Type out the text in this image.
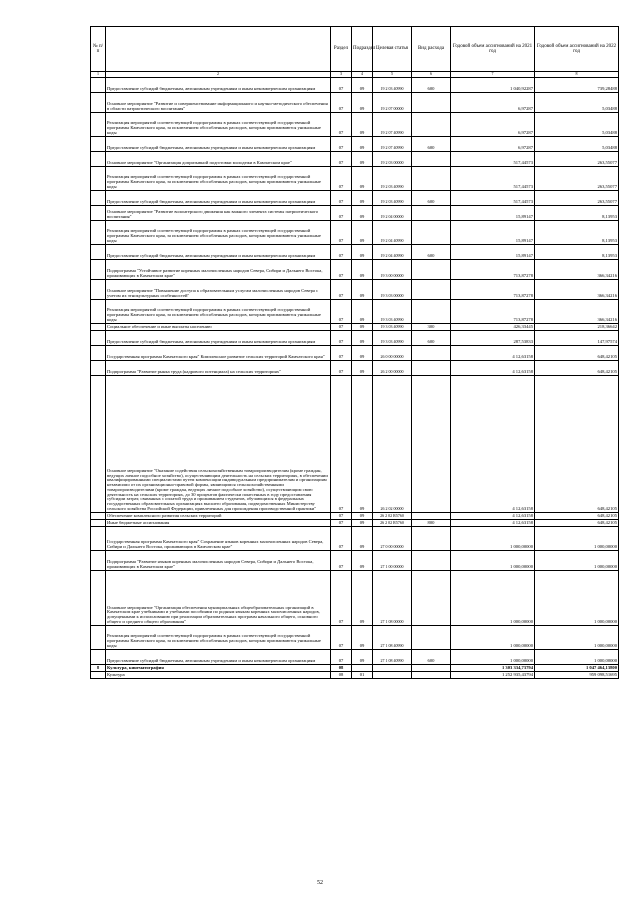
№ п/п		Раздел	Подраздел	Целевая статья	Вид расхода	Годовой объем ассигнований на 2021 год	Годовой объем ассигнований на 2022 год
1	2	3	4	5	6	7	8
	Предоставление субсидий бюджетным, автономным учреждениям и иным некоммерческим организациям	07	09	19 2 03 40990	600	1 040,92287	739,28488
	Основное мероприятие "Развитие и совершенствование информационного и научно-методического обеспечения в области патриотического воспитания"	07	09	19 2 07 00000		6,97287	5,03488
	Реализация мероприятий соответствующей подпрограммы в рамках соответствующей государственной программы Камчатского края, за исключением обособленных расходов, которым присваиваются уникальные коды	07	09	19 2 07 40990		6,97287	5,03488
	Предоставление субсидий бюджетным, автономным учреждениям и иным некоммерческим организациям	07	09	19 2 07 40990	600	6,97287	5,03488
	Основное мероприятие "Организация допризывной подготовки молодежи в Камчатском крае"	07	09	19 2 03 00000		517,44573	263,55077
	Реализация мероприятий соответствующей подпрограммы в рамках соответствующей государственной программы Камчатского края, за исключением обособленных расходов, которым присваиваются уникальные коды	07	09	19 2 03 40990		517,44573	263,55077
	Предоставление субсидий бюджетным, автономным учреждениям и иным некоммерческим организациям	07	09	19 2 03 40990	600	517,44573	263,55077
	Основное мероприятие "Развитие волонтерского движения как важного элемента системы патриотического воспитания"	07	09	19 2 04 00000		15,89147	8,13953
	Реализация мероприятий соответствующей подпрограммы в рамках соответствующей государственной программы Камчатского края, за исключением обособленных расходов, которым присваиваются уникальные коды	07	09	19 2 04 40990		15,89147	8,13953
	Предоставление субсидий бюджетным, автономным учреждениям и иным некоммерческим организациям	07	09	19 2 04 40990	600	15,89147	8,13953
	Подпрограмма "Устойчивое развитие коренных малочисленных народов Севера, Сибири и Дальнего Востока, проживающих в Камчатском крае"	07	09	19 3 00 00000		713,87278	366,34216
	Основное мероприятие "Повышение доступа к образовательным услугам малочисленных народов Севера с учетом их этнокультурных особенностей"	07	09	19 3 03 00000		713,87278	366,34216
	Реализация мероприятий соответствующей подпрограммы в рамках соответствующей государственной программы Камчатского края, за исключением обособленных расходов, которым присваиваются уникальные коды	07	09	19 3 03 40990		713,87278	366,34216
	Социальное обеспечение и иные выплаты населению	07	09	19 3 03 40990	300	426,33445	218,36642
	Предоставление субсидий бюджетным, автономным учреждениям и иным некоммерческим организациям	07	09	19 3 03 40990	600	287,53833	147,97574
	Государственная программа Камчатского края" Комплексное развитие сельских территорий Камчатского края"	07	09	26 0 00 00000		4 12,63158	648,42105
	Подпрограмма "Развитие рынка труда (кадрового потенциала) на сельских территориях"	07	09	26 2 00 00000		4 12,63158	648,42105
	Основное мероприятие "Оказание содействия сельскохозяйственным товаропроизводителям (кроме граждан, ведущих личное подсобное хозяйство), осуществляющим деятельность на сельских территориях, в обеспечении квалифицированными специалистами путем компенсации индивидуальным предпринимателям и организациям независимо от их организационно-правовой формы, являющимся сельскохозяйственными товаропроизводителями (кроме граждан, ведущих личное подсобное хозяйство), осуществляющим свою деятельность на сельских территориях, до 30 процентов фактически понесенных в году предоставления субсидии затрат, связанных с оплатой труда и проживанием студентов, обучающихся в федеральных государственных образовательных организациях высшего образования, подведомственных Министерству сельского хозяйства Российской Федерации, привлеченных для прохождения производственной практики"	07	09	26 2 02 00000		4 12,63158	648,42105
	Обеспечение комплексного развития сельских территорий	07	09	26 2 02 R5760		4 12,63158	648,42105
	Иные бюджетные ассигнования	07	09	26 2 02 R5760	800	4 12,63158	648,42105
	Государственная программа Камчатского края" Сохранение языков коренных малочисленных народов Севера, Сибири и Дальнего Востока, проживающих в Камчатском крае"	07	09	27 0 00 00000		1 000,00000	1 000,00000
	Подпрограмма "Развитие языков коренных малочисленных народов Севера, Сибири и Дальнего Востока, проживающих в Камчатском крае"	07	09	27 1 00 00000		1 000,00000	1 000,00000
	Основное мероприятие "Организация обеспечения муниципальных общеобразовательных организаций в Камчатском крае учебниками и учебными пособиями по родным языкам коренных малочисленных народов, допущенными к использованию при реализации образовательных программ начального общего, основного общего и среднего общего образования"	07	09	27 1 08 00000		1 000,00000	1 000,00000
	Реализация мероприятий соответствующей подпрограммы в рамках соответствующей государственной программы Камчатского края, за исключением обособленных расходов, которым присваиваются уникальные коды	07	09	27 1 08 40990		1 000,00000	1 000,00000
	Предоставление субсидий бюджетным, автономным учреждениям и иным некоммерческим организациям	07	09	27 1 08 40990	600	1 000,00000	1 000,00000
8	Культура, кинематография	08				1 303 334,73794	1 047 464,13800
	Культура	08	01			1 252 935,43794	959 098,51695
52
